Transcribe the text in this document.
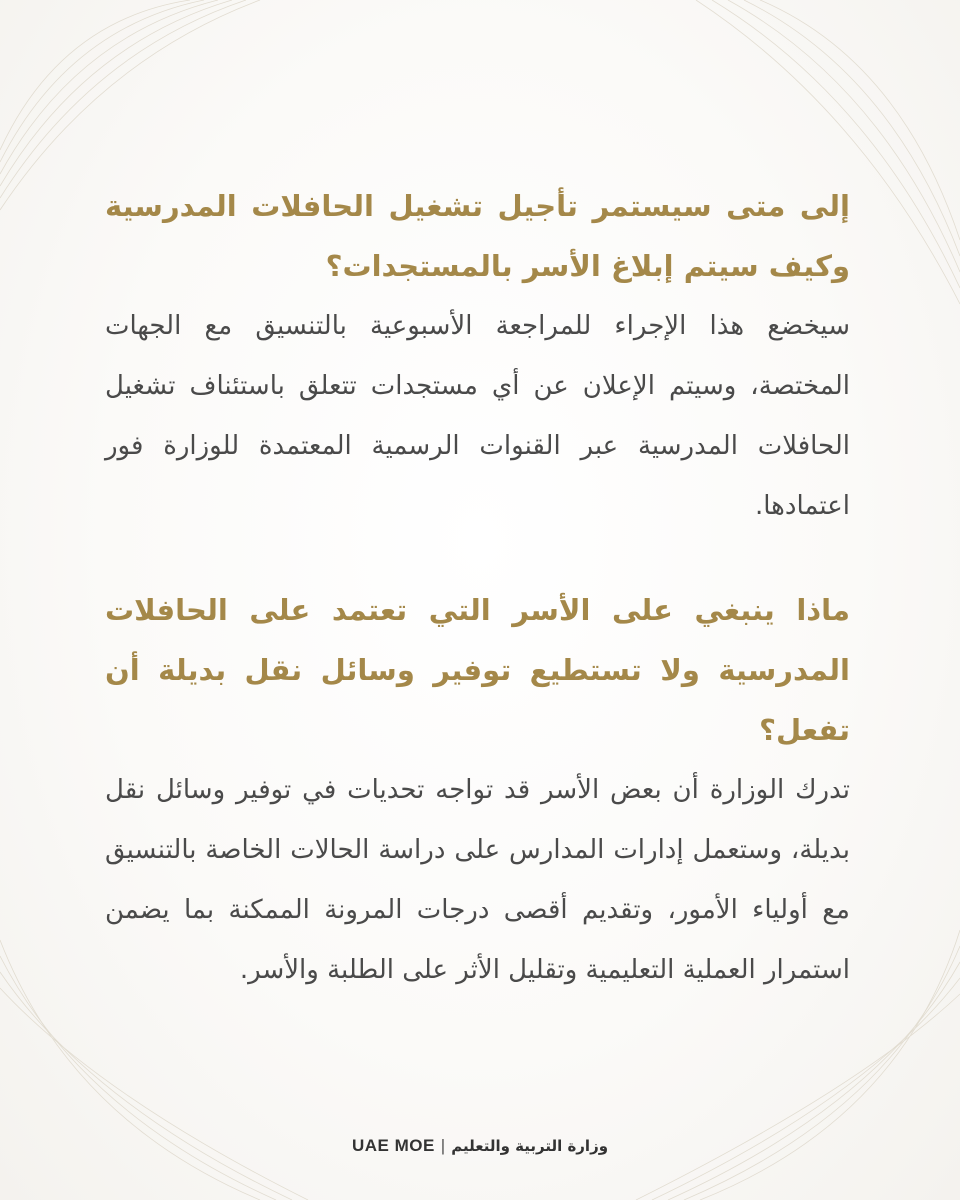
إلى متى سيستمر تأجيل تشغيل الحافلات المدرسية وكيف سيتم إبلاغ الأسر بالمستجدات؟

سيخضع هذا الإجراء للمراجعة الأسبوعية بالتنسيق مع الجهات المختصة، وسيتم الإعلان عن أي مستجدات تتعلق باستئناف تشغيل الحافلات المدرسية عبر القنوات الرسمية المعتمدة للوزارة فور اعتمادها.

ماذا ينبغي على الأسر التي تعتمد على الحافلات المدرسية ولا تستطيع توفير وسائل نقل بديلة أن تفعل؟

تدرك الوزارة أن بعض الأسر قد تواجه تحديات في توفير وسائل نقل بديلة، وستعمل إدارات المدارس على دراسة الحالات الخاصة بالتنسيق مع أولياء الأمور، وتقديم أقصى درجات المرونة الممكنة بما يضمن استمرار العملية التعليمية وتقليل الأثر على الطلبة والأسر.

UAE MOE | وزارة التربية والتعليم
